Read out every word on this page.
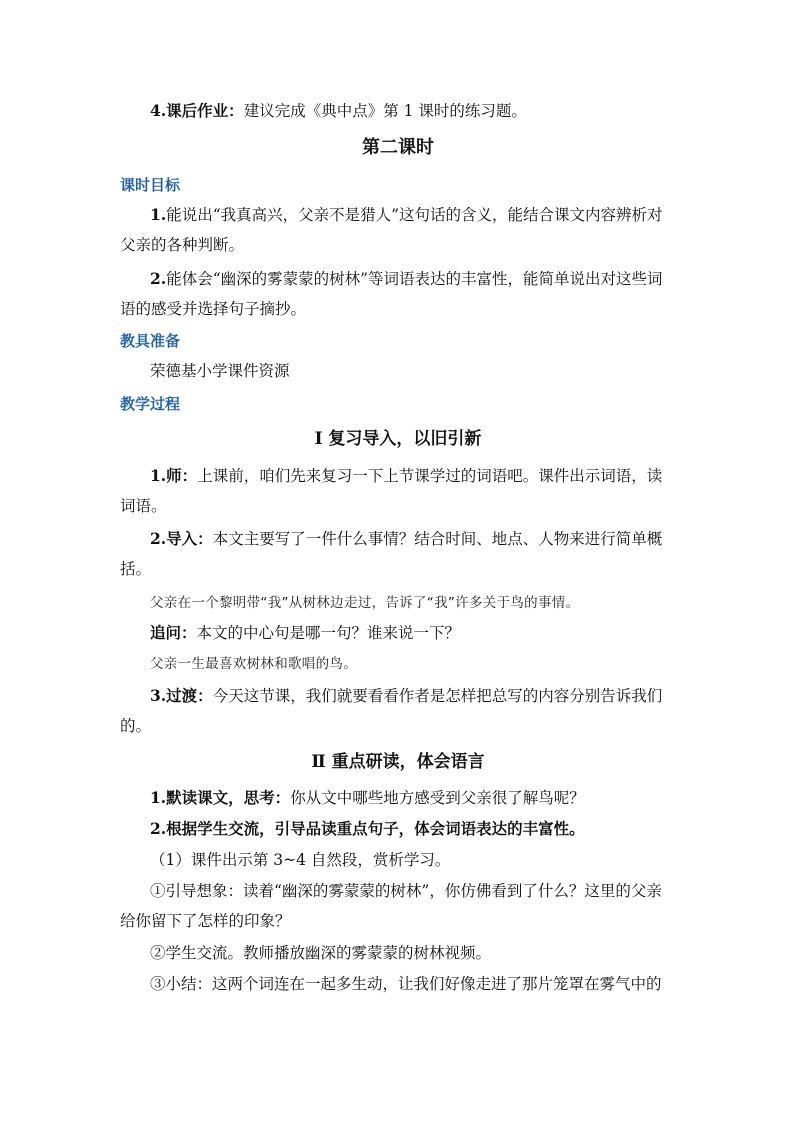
4.课后作业：建议完成《典中点》第 1 课时的练习题。

第二课时

课时目标

1.能说出“我真高兴，父亲不是猎人”这句话的含义，能结合课文内容辨析对父亲的各种判断。

2.能体会“幽深的雾蒙蒙的树林”等词语表达的丰富性，能简单说出对这些词语的感受并选择句子摘抄。

教具准备

荣德基小学课件资源

教学过程

Ⅰ 复习导入，以旧引新

1.师：上课前，咱们先来复习一下上节课学过的词语吧。课件出示词语，读词语。

2.导入：本文主要写了一件什么事情？结合时间、地点、人物来进行简单概括。

父亲在一个黎明带“我”从树林边走过，告诉了“我”许多关于鸟的事情。

追问：本文的中心句是哪一句？谁来说一下？

父亲一生最喜欢树林和歌唱的鸟。

3.过渡：今天这节课，我们就要看看作者是怎样把总写的内容分别告诉我们的。

Ⅱ 重点研读，体会语言

1.默读课文，思考：你从文中哪些地方感受到父亲很了解鸟呢？

2.根据学生交流，引导品读重点句子，体会词语表达的丰富性。

（1）课件出示第 3~4 自然段，赏析学习。

①引导想象：读着“幽深的雾蒙蒙的树林”，你仿佛看到了什么？这里的父亲给你留下了怎样的印象？

②学生交流。教师播放幽深的雾蒙蒙的树林视频。

③小结：这两个词连在一起多生动，让我们好像走进了那片笼罩在雾气中的
